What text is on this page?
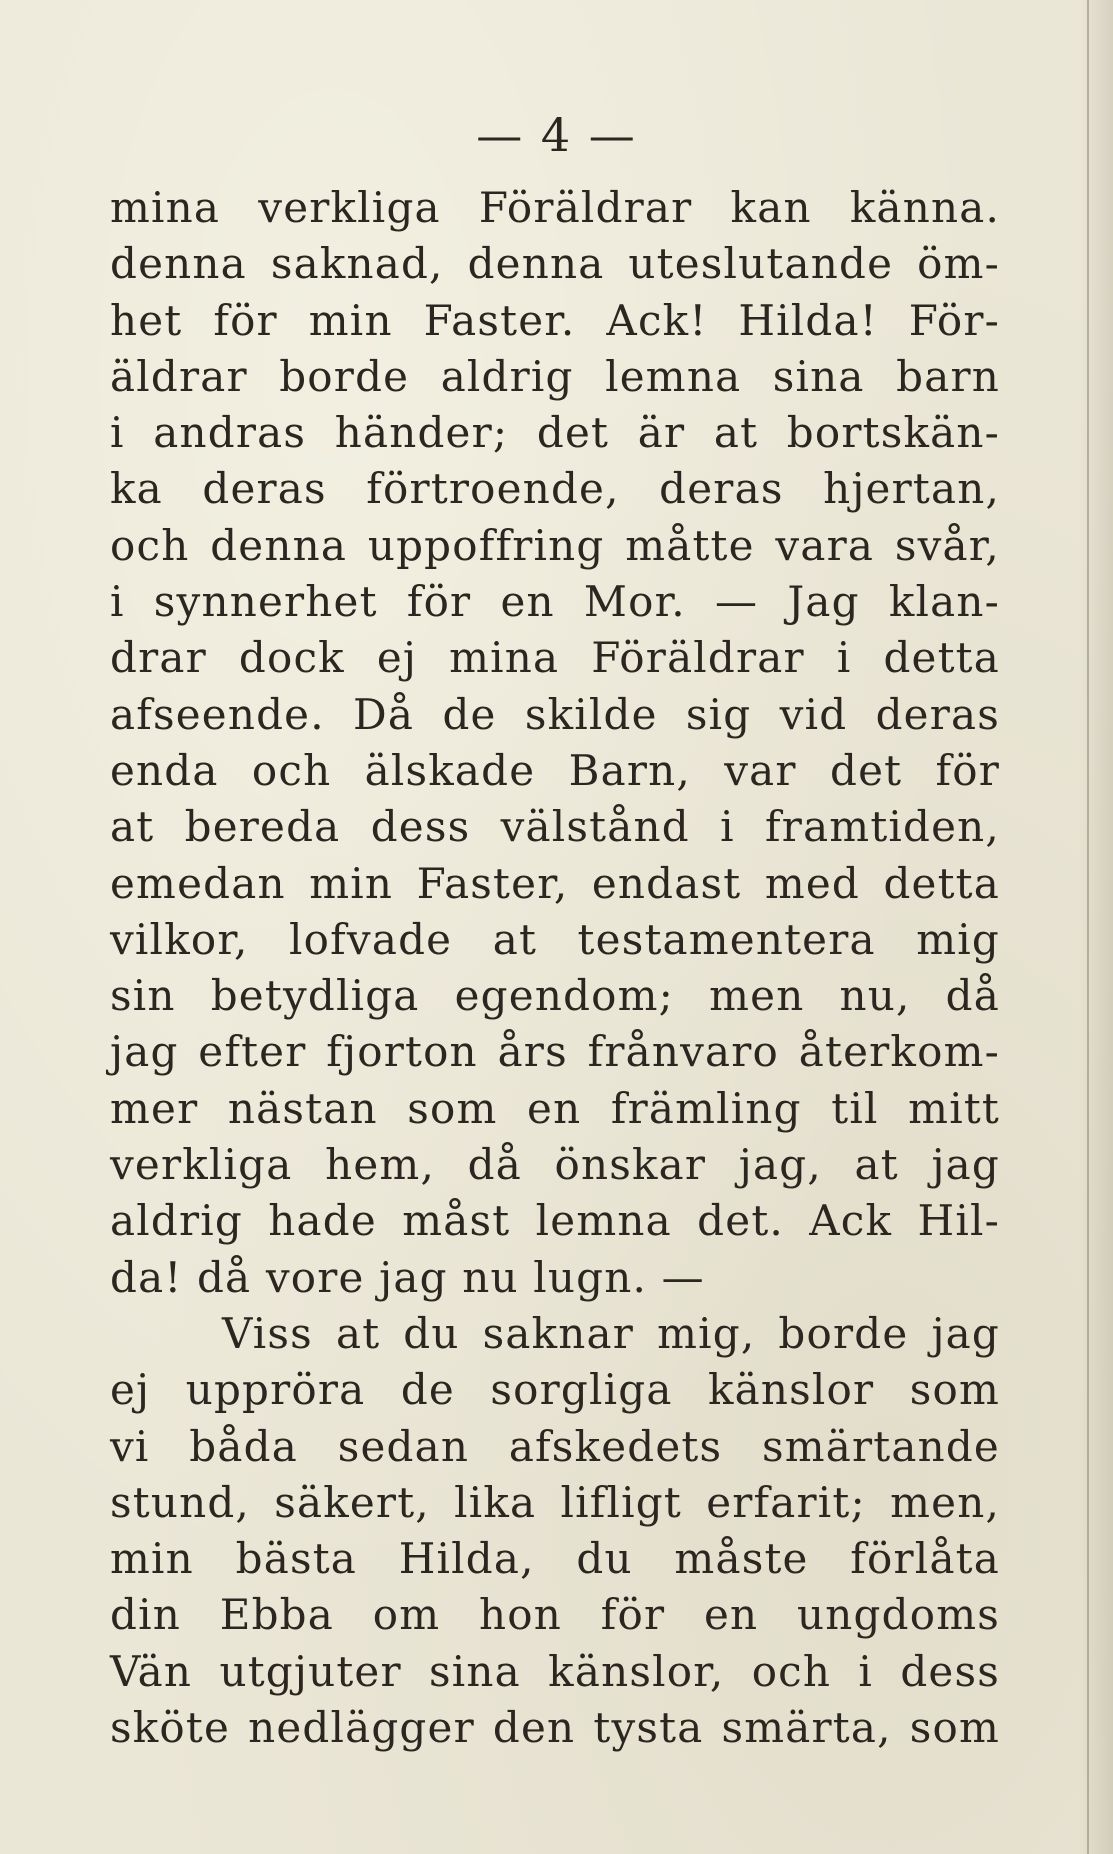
— 4 —
mina verkliga Föräldrar kan känna.
denna saknad, denna uteslutande öm-
het för min Faster. Ack! Hilda! För-
äldrar borde aldrig lemna sina barn
i andras händer; det är at bortskän-
ka deras förtroende, deras hjertan,
och denna uppoffring måtte vara svår,
i synnerhet för en Mor. — Jag klan-
drar dock ej mina Föräldrar i detta
afseende. Då de skilde sig vid deras
enda och älskade Barn, var det för
at bereda dess välstånd i framtiden,
emedan min Faster, endast med detta
vilkor, lofvade at testamentera mig
sin betydliga egendom; men nu, då
jag efter fjorton års frånvaro återkom-
mer nästan som en främling til mitt
verkliga hem, då önskar jag, at jag
aldrig hade måst lemna det. Ack Hil-
da! då vore jag nu lugn. —
Viss at du saknar mig, borde jag
ej uppröra de sorgliga känslor som
vi båda sedan afskedets smärtande
stund, säkert, lika lifligt erfarit; men,
min bästa Hilda, du måste förlåta
din Ebba om hon för en ungdoms
Vän utgjuter sina känslor, och i dess
sköte nedlägger den tysta smärta, som
